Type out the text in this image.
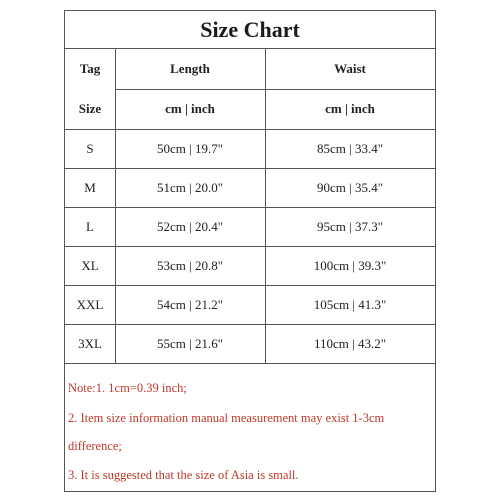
Size Chart
Tag
Size
Length	Waist
cm | inch	cm | inch
S	50cm | 19.7"	85cm | 33.4"
M	51cm | 20.0"	90cm | 35.4"
L	52cm | 20.4"	95cm | 37.3"
XL	53cm | 20.8"	100cm | 39.3"
XXL	54cm | 21.2"	105cm | 41.3"
3XL	55cm | 21.6"	110cm | 43.2"
Note:1. 1cm=0.39 inch;
2. Item size information manual measurement may exist 1-3cm
difference;
3. It is suggested that the size of Asia is small.
